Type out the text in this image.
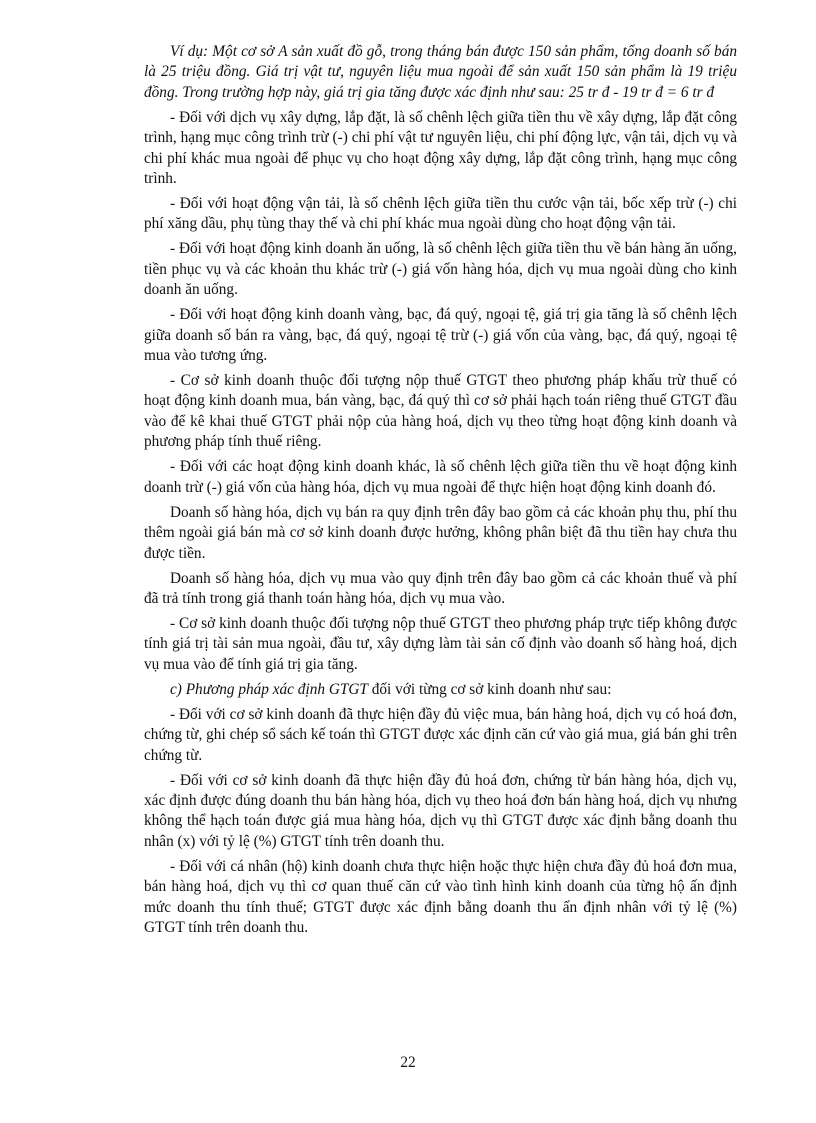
Ví dụ: Một cơ sở A sản xuất đồ gỗ, trong tháng bán được 150 sản phẩm, tổng doanh số bán là 25 triệu đồng. Giá trị vật tư, nguyên liệu mua ngoài để sản xuất 150 sản phẩm là 19 triệu đồng. Trong trường hợp này, giá trị gia tăng được xác định như sau: 25 tr đ - 19 tr đ = 6 tr đ

- Đối với dịch vụ xây dựng, lắp đặt, là số chênh lệch giữa tiền thu về xây dựng, lắp đặt công trình, hạng mục công trình trừ (-) chi phí vật tư nguyên liệu, chi phí động lực, vận tải, dịch vụ và chi phí khác mua ngoài để phục vụ cho hoạt động xây dựng, lắp đặt công trình, hạng mục công trình.

- Đối với hoạt động vận tải, là số chênh lệch giữa tiền thu cước vận tải, bốc xếp trừ (-) chi phí xăng dầu, phụ tùng thay thế và chi phí khác mua ngoài dùng cho hoạt động vận tải.

- Đối với hoạt động kinh doanh ăn uống, là số chênh lệch giữa tiền thu về bán hàng ăn uống, tiền phục vụ và các khoản thu khác trừ (-) giá vốn hàng hóa, dịch vụ mua ngoài dùng cho kinh doanh ăn uống.

- Đối với hoạt động kinh doanh vàng, bạc, đá quý, ngoại tệ, giá trị gia tăng là số chênh lệch giữa doanh số bán ra vàng, bạc, đá quý, ngoại tệ trừ (-) giá vốn của vàng, bạc, đá quý, ngoại tệ mua vào tương ứng.

- Cơ sở kinh doanh thuộc đối tượng nộp thuế GTGT theo phương pháp khấu trừ thuế có hoạt động kinh doanh mua, bán vàng, bạc, đá quý thì cơ sở phải hạch toán riêng thuế GTGT đầu vào để kê khai thuế GTGT phải nộp của hàng hoá, dịch vụ theo từng hoạt động kinh doanh và phương pháp tính thuế riêng.

- Đối với các hoạt động kinh doanh khác, là số chênh lệch giữa tiền thu về hoạt động kinh doanh trừ (-) giá vốn của hàng hóa, dịch vụ mua ngoài để thực hiện hoạt động kinh doanh đó.

Doanh số hàng hóa, dịch vụ bán ra quy định trên đây bao gồm cả các khoản phụ thu, phí thu thêm ngoài giá bán mà cơ sở kinh doanh được hưởng, không phân biệt đã thu tiền hay chưa thu được tiền.

Doanh số hàng hóa, dịch vụ mua vào quy định trên đây bao gồm cả các khoản thuế và phí đã trả tính trong giá thanh toán hàng hóa, dịch vụ mua vào.

- Cơ sở kinh doanh thuộc đối tượng nộp thuế GTGT theo phương pháp trực tiếp không được tính giá trị tài sản mua ngoài, đầu tư, xây dựng làm tài sản cố định vào doanh số hàng hoá, dịch vụ mua vào để tính giá trị gia tăng.

c) Phương pháp xác định GTGT đối với từng cơ sở kinh doanh như sau:

- Đối với cơ sở kinh doanh đã thực hiện đầy đủ việc mua, bán hàng hoá, dịch vụ có hoá đơn, chứng từ, ghi chép sổ sách kế toán thì GTGT được xác định căn cứ vào giá mua, giá bán ghi trên chứng từ.

- Đối với cơ sở kinh doanh đã thực hiện đầy đủ hoá đơn, chứng từ bán hàng hóa, dịch vụ, xác định được đúng doanh thu bán hàng hóa, dịch vụ theo hoá đơn bán hàng hoá, dịch vụ nhưng không thể hạch toán được giá mua hàng hóa, dịch vụ thì GTGT được xác định bằng doanh thu nhân (x) với tỷ lệ (%) GTGT tính trên doanh thu.

- Đối với cá nhân (hộ) kinh doanh chưa thực hiện hoặc thực hiện chưa đầy đủ hoá đơn mua, bán hàng hoá, dịch vụ thì cơ quan thuế căn cứ vào tình hình kinh doanh của từng hộ ấn định mức doanh thu tính thuế; GTGT được xác định bằng doanh thu ấn định nhân với tỷ lệ (%) GTGT tính trên doanh thu.

22
